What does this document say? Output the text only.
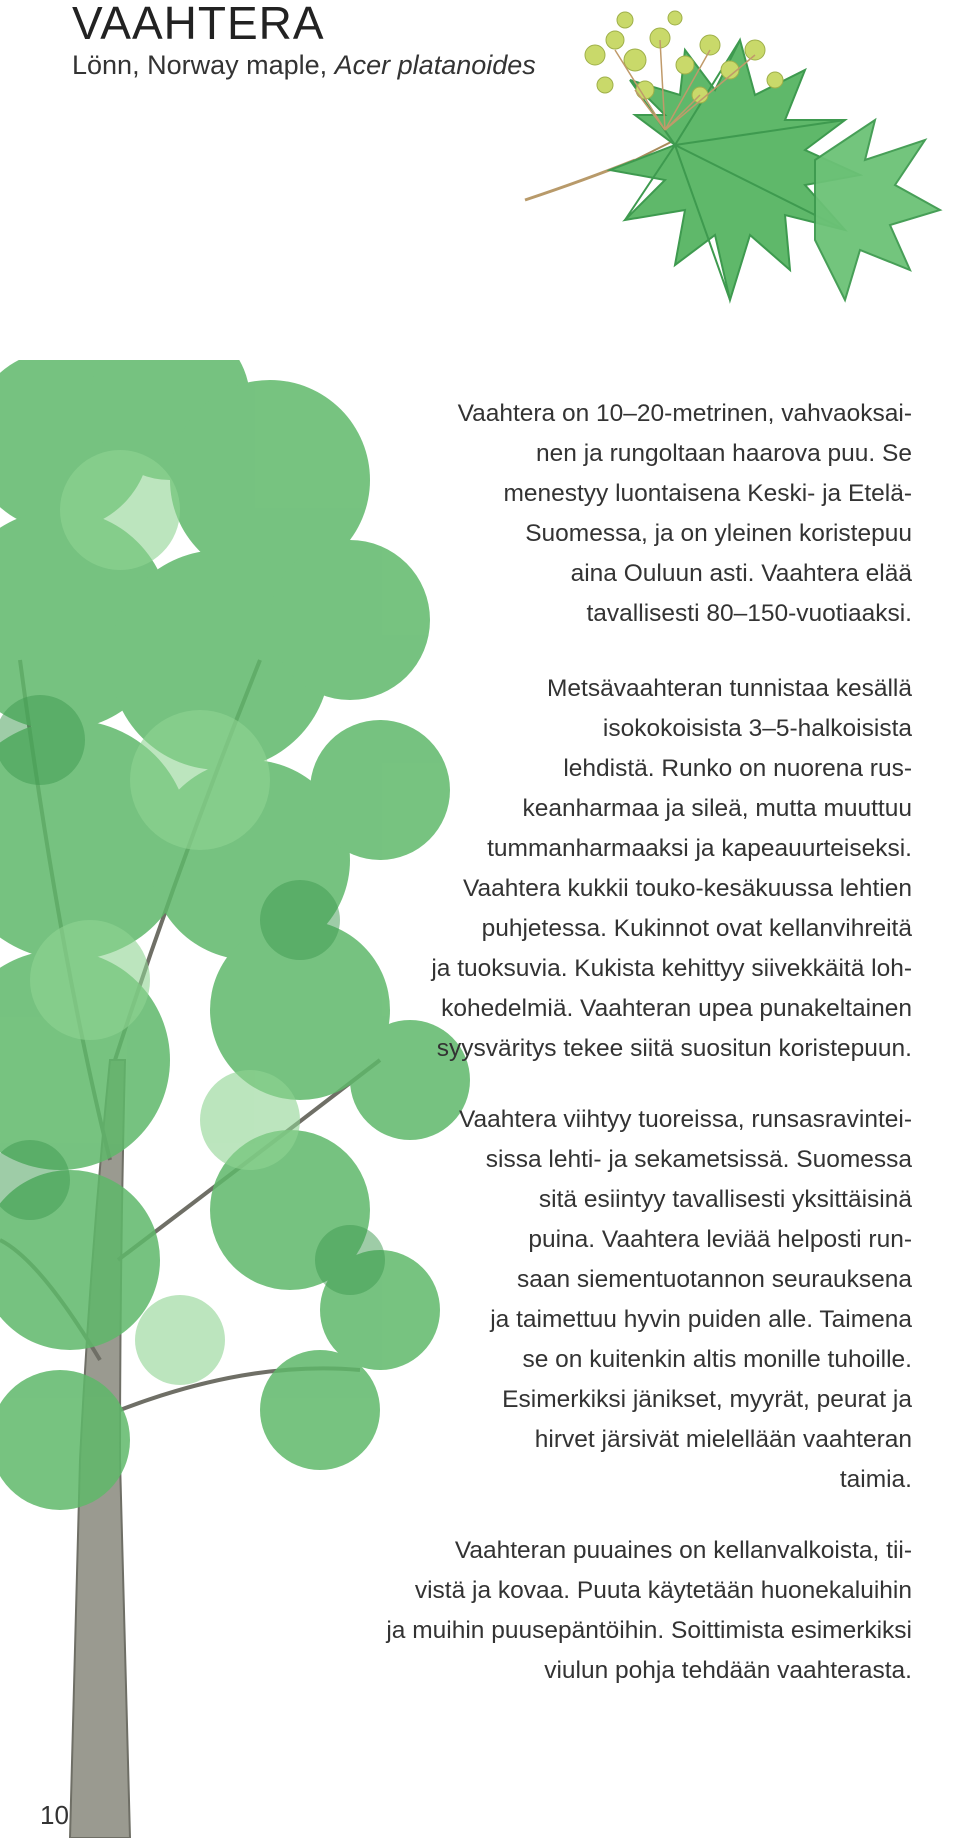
VAAHTERA
Lönn, Norway maple, Acer platanoides

Vaahtera on 10–20-metrinen, vahvaoksai-
nen ja rungoltaan haarova puu. Se
menestyy luontaisena Keski- ja Etelä-
Suomessa, ja on yleinen koristepuu
aina Ouluun asti. Vaahtera elää
tavallisesti 80–150-vuotiaaksi.

Metsävaahteran tunnistaa kesällä
isokokoisista 3–5-halkoisista
lehdistä. Runko on nuorena rus-
keanharmaa ja sileä, mutta muuttuu
tummanharmaaksi ja kapeauurteiseksi.
Vaahtera kukkii touko-kesäkuussa lehtien
puhjetessa. Kukinnot ovat kellanvihreitä
ja tuoksuvia. Kukista kehittyy siivekkäitä loh-
kohedelmiä. Vaahteran upea punakeltainen
syysväritys tekee siitä suositun koristepuun.

Vaahtera viihtyy tuoreissa, runsasravintei-
sissa lehti- ja sekametsissä. Suomessa
sitä esiintyy tavallisesti yksittäisinä
puina. Vaahtera leviää helposti run-
saan siementuotannon seurauksena
ja taimettuu hyvin puiden alle. Taimena
se on kuitenkin altis monille tuhoille.
Esimerkiksi jänikset, myyrät, peurat ja
hirvet järsivät mielellään vaahteran
taimia.

Vaahteran puuaines on kellanvalkoista, tii-
vistä ja kovaa. Puuta käytetään huonekaluihin
ja muihin puusepäntöihin. Soittimista esimerkiksi
viulun pohja tehdään vaahterasta.

10
